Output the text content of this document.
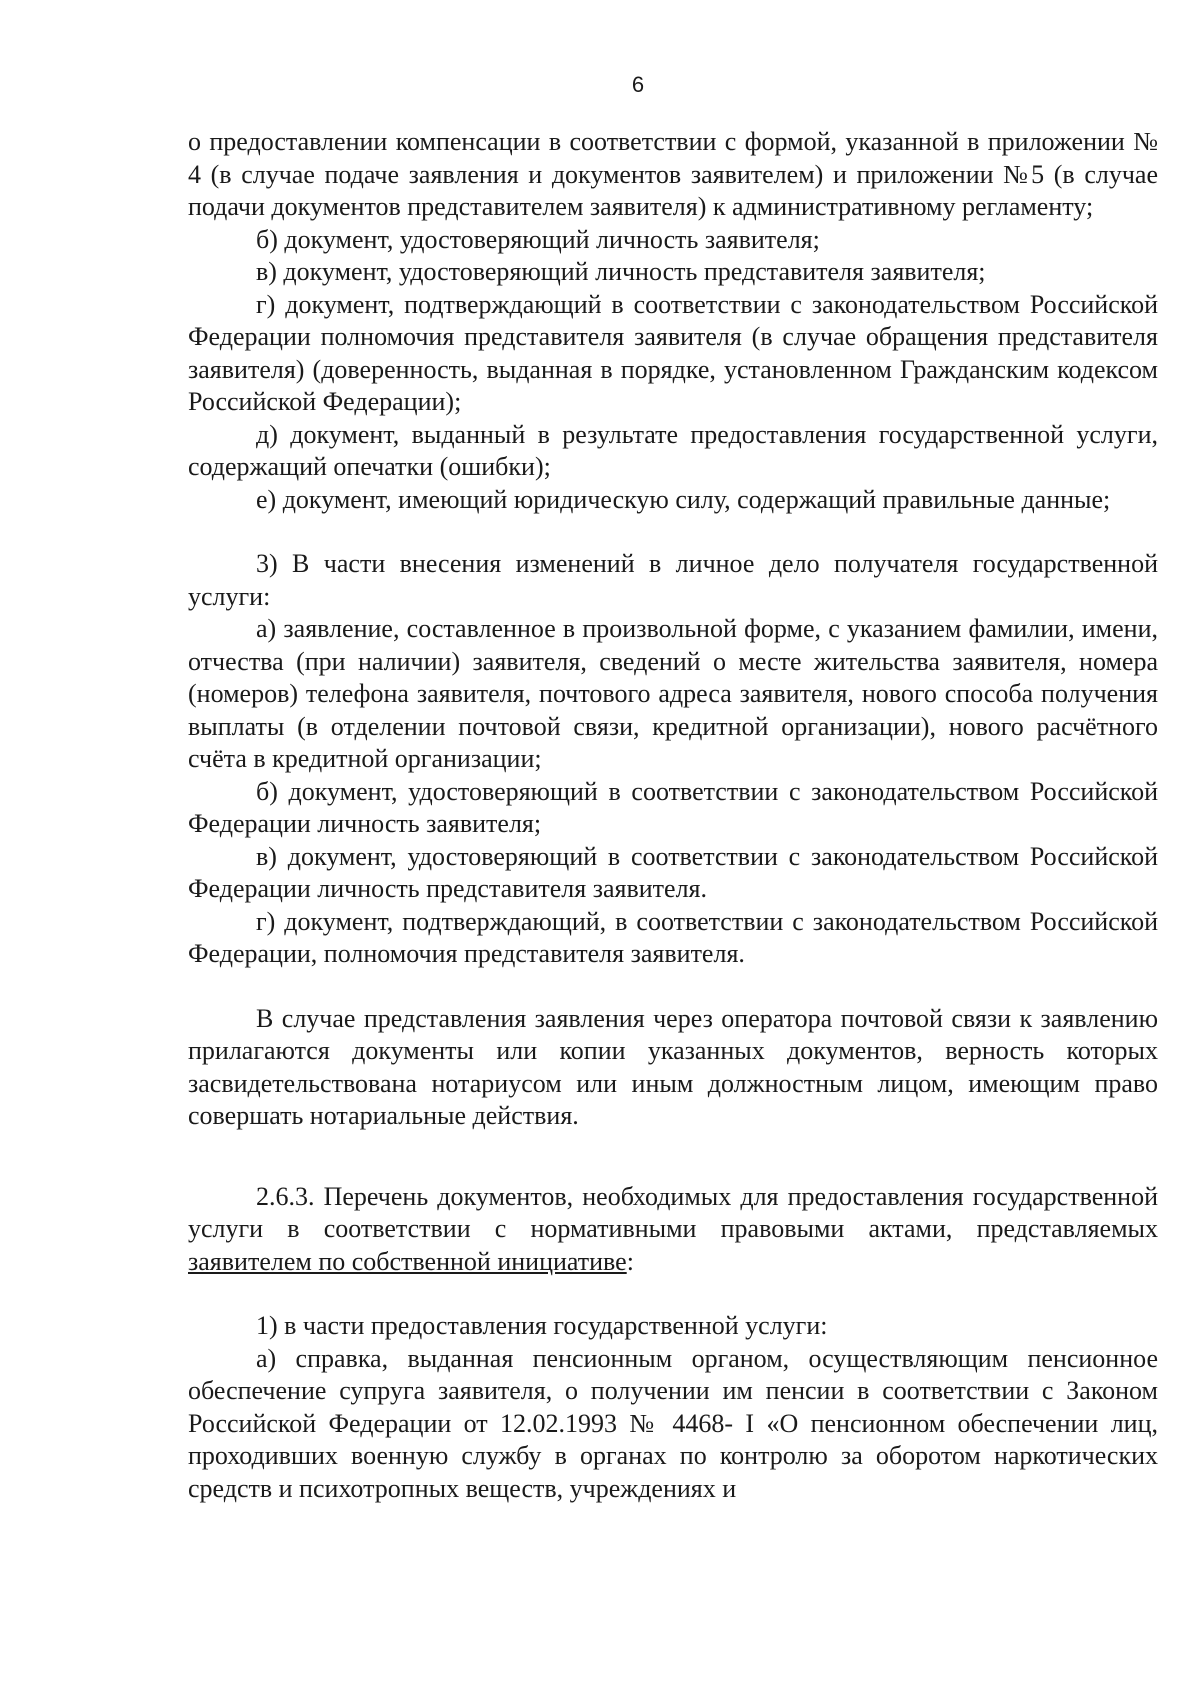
6

о предоставлении компенсации в соответствии с формой, указанной в приложении № 4 (в случае подаче заявления и документов заявителем) и приложении №5 (в случае подачи документов представителем заявителя) к административному регламенту;

б) документ, удостоверяющий личность заявителя;

в) документ, удостоверяющий личность представителя заявителя;

г) документ, подтверждающий в соответствии с законодательством Российской Федерации полномочия представителя заявителя (в случае обращения представителя заявителя) (доверенность, выданная в порядке, установленном Гражданским кодексом Российской Федерации);

д) документ, выданный в результате предоставления государственной услуги, содержащий опечатки (ошибки);

е) документ, имеющий юридическую силу, содержащий правильные данные;

3) В части внесения изменений в личное дело получателя государственной услуги:

а) заявление, составленное в произвольной форме, с указанием фамилии, имени, отчества (при наличии) заявителя, сведений о месте жительства заявителя, номера (номеров) телефона заявителя, почтового адреса заявителя, нового способа получения выплаты (в отделении почтовой связи, кредитной организации), нового расчётного счёта в кредитной организации;

б) документ, удостоверяющий в соответствии с законодательством Российской Федерации личность заявителя;

в) документ, удостоверяющий в соответствии с законодательством Российской Федерации личность представителя заявителя.

г) документ, подтверждающий, в соответствии с законодательством Российской Федерации, полномочия представителя заявителя.

В случае представления заявления через оператора почтовой связи к заявлению прилагаются документы или копии указанных документов, верность которых засвидетельствована нотариусом или иным должностным лицом, имеющим право совершать нотариальные действия.

2.6.3. Перечень документов, необходимых для предоставления государственной услуги в соответствии с нормативными правовыми актами, представляемых заявителем по собственной инициативе:

1) в части предоставления государственной услуги:

а) справка, выданная пенсионным органом, осуществляющим пенсионное обеспечение супруга заявителя, о получении им пенсии в соответствии с Законом Российской Федерации от 12.02.1993 № 4468- I «О пенсионном обеспечении лиц, проходивших военную службу в органах по контролю за оборотом наркотических средств и психотропных веществ, учреждениях и
